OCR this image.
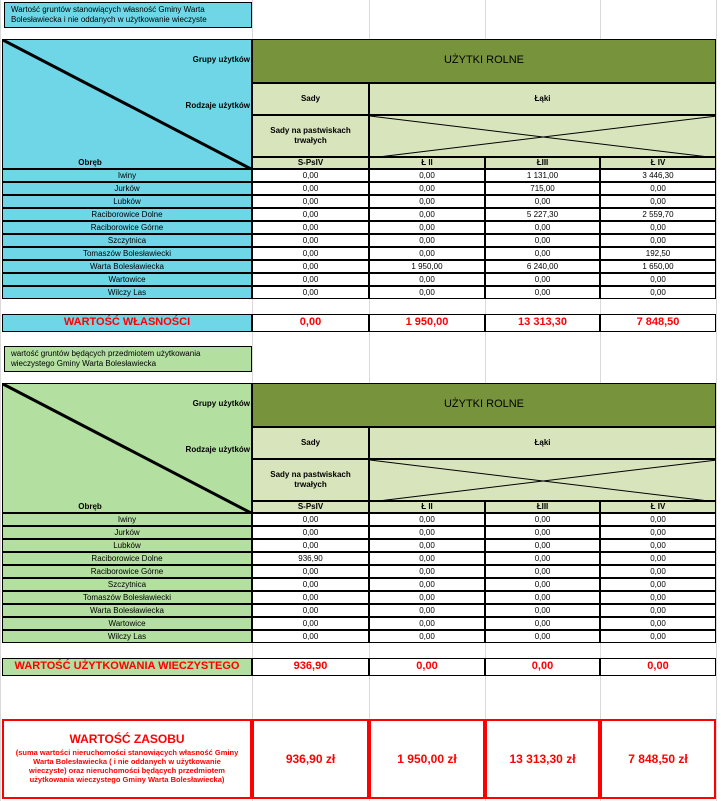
Wartość gruntów stanowiących własność Gminy Warta Bolesławiecka i nie oddanych w użytkowanie wieczyste
Grupy użytków
Rodzaje użytków
Obręb
UŻYTKI ROLNE
Sady	Łąki
Sady na pastwiskach trwałych
S-PsIV	Ł II	ŁIII	Ł IV
Iwiny	0,00	0,00	1 131,00	3 446,30
Jurków	0,00	0,00	715,00	0,00
Lubków	0,00	0,00	0,00	0,00
Raciborowice Dolne	0,00	0,00	5 227,30	2 559,70
Raciborowice Górne	0,00	0,00	0,00	0,00
Szczytnica	0,00	0,00	0,00	0,00
Tomaszów Bolesławiecki	0,00	0,00	0,00	192,50
Warta Bolesławiecka	0,00	1 950,00	6 240,00	1 650,00
Wartowice	0,00	0,00	0,00	0,00
Wilczy Las	0,00	0,00	0,00	0,00
WARTOŚĆ WŁASNOŚCI	0,00	1 950,00	13 313,30	7 848,50
wartość gruntów będących przedmiotem użytkowania wieczystego Gminy Warta Bolesławiecka
Grupy użytków
Rodzaje użytków
Obręb
UŻYTKI ROLNE
Sady	Łąki
Sady na pastwiskach trwałych
S-PsIV	Ł II	ŁIII	Ł IV
Iwiny	0,00	0,00	0,00	0,00
Jurków	0,00	0,00	0,00	0,00
Lubków	0,00	0,00	0,00	0,00
Raciborowice Dolne	936,90	0,00	0,00	0,00
Raciborowice Górne	0,00	0,00	0,00	0,00
Szczytnica	0,00	0,00	0,00	0,00
Tomaszów Bolesławiecki	0,00	0,00	0,00	0,00
Warta Bolesławiecka	0,00	0,00	0,00	0,00
Wartowice	0,00	0,00	0,00	0,00
Wilczy Las	0,00	0,00	0,00	0,00
WARTOŚĆ UŻYTKOWANIA WIECZYSTEGO	936,90	0,00	0,00	0,00
WARTOŚĆ ZASOBU
(suma wartości nieruchomości stanowiących własność Gminy Warta Bolesławiecka ( i nie oddanych w użytkowanie wieczyste) oraz nieruchomości będących przedmiotem użytkowania wieczystego Gminy Warta Bolesławiecka)
936,90 zł	1 950,00 zł	13 313,30 zł	7 848,50 zł
